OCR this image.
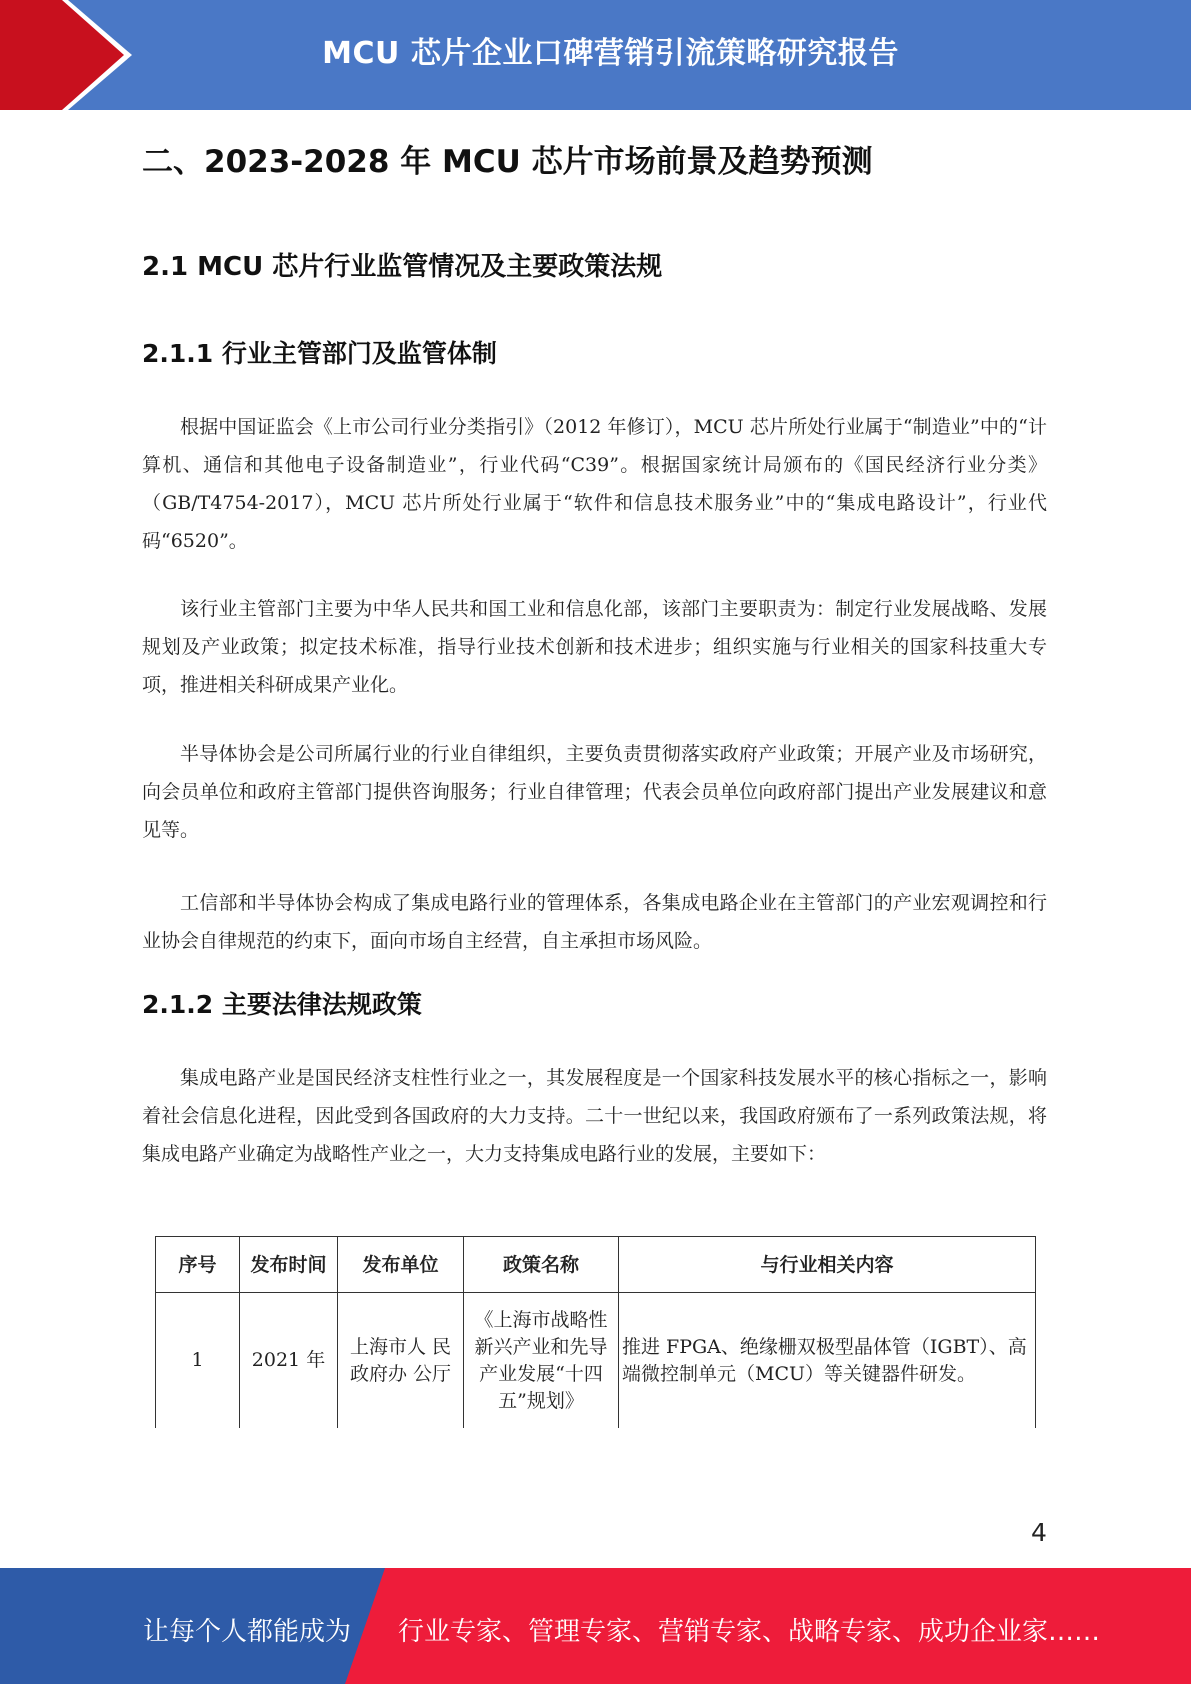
MCU 芯片企业口碑营销引流策略研究报告
二、2023-2028 年 MCU 芯片市场前景及趋势预测
2.1 MCU 芯片行业监管情况及主要政策法规
2.1.1 行业主管部门及监管体制
根据中国证监会《上市公司行业分类指引》（2012 年修订），MCU 芯片所处行业属于“制造业”中的“计算机、通信和其他电子设备制造业”，行业代码“C39”。根据国家统计局颁布的《国民经济行业分类》（GB/T4754-2017），MCU 芯片所处行业属于“软件和信息技术服务业”中的“集成电路设计”，行业代码“6520”。
该行业主管部门主要为中华人民共和国工业和信息化部，该部门主要职责为：制定行业发展战略、发展规划及产业政策；拟定技术标准，指导行业技术创新和技术进步；组织实施与行业相关的国家科技重大专项，推进相关科研成果产业化。
半导体协会是公司所属行业的行业自律组织，主要负责贯彻落实政府产业政策；开展产业及市场研究，向会员单位和政府主管部门提供咨询服务；行业自律管理；代表会员单位向政府部门提出产业发展建议和意见等。
工信部和半导体协会构成了集成电路行业的管理体系，各集成电路企业在主管部门的产业宏观调控和行业协会自律规范的约束下，面向市场自主经营，自主承担市场风险。
2.1.2 主要法律法规政策
集成电路产业是国民经济支柱性行业之一，其发展程度是一个国家科技发展水平的核心指标之一，影响着社会信息化进程，因此受到各国政府的大力支持。二十一世纪以来，我国政府颁布了一系列政策法规，将集成电路产业确定为战略性产业之一，大力支持集成电路行业的发展，主要如下：
序号	发布时间	发布单位	政策名称	与行业相关内容
1	2021 年	上海市人 民政府办 公厅	《上海市战略性新兴产业和先导产业发展“十四五”规划》	推进 FPGA、绝缘栅双极型晶体管（IGBT）、高端微控制单元（MCU）等关键器件研发。
4
让每个人都能成为 行业专家、管理专家、营销专家、战略专家、成功企业家……
